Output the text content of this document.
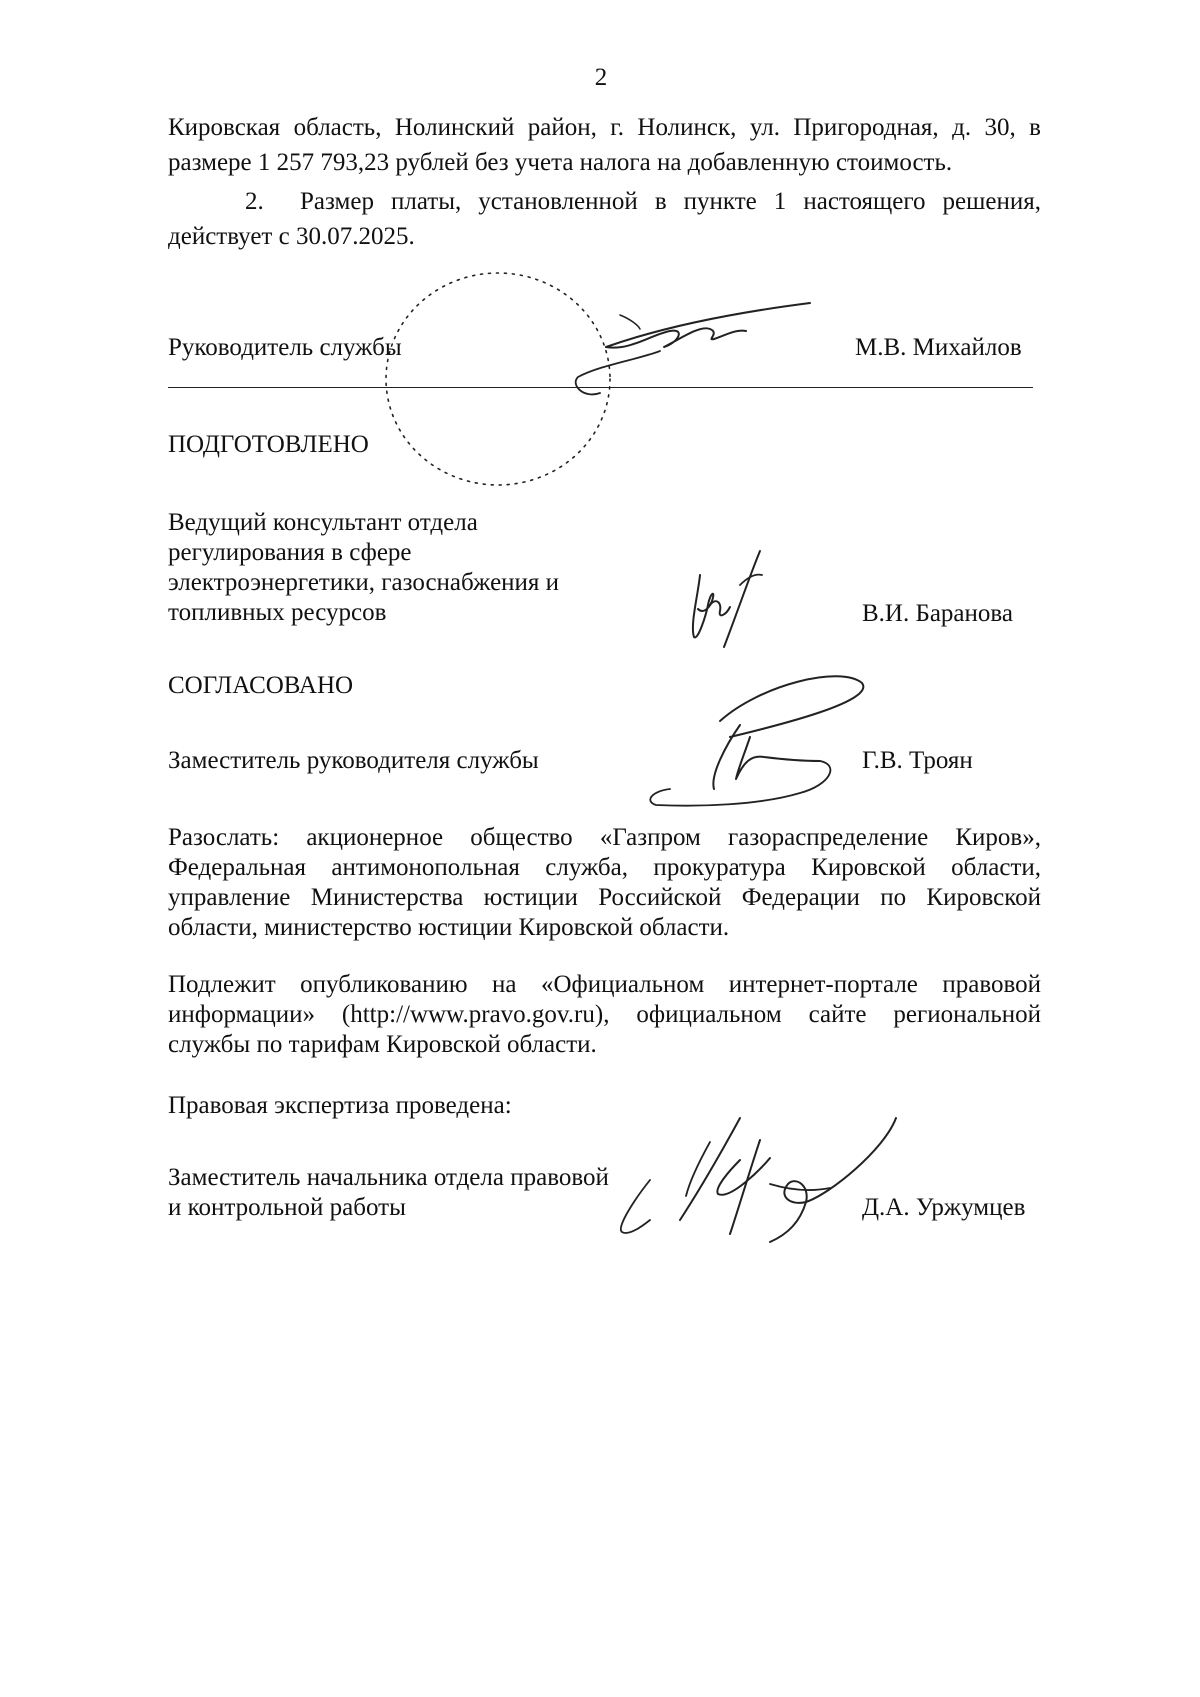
2
Кировская область, Нолинский район, г. Нолинск, ул. Пригородная, д. 30, в
размере 1 257 793,23 рублей без учета налога на добавленную стоимость.
2. Размер платы, установленной в пункте 1 настоящего решения,
действует с 30.07.2025.
Руководитель службы	М.В. Михайлов
ПОДГОТОВЛЕНО
Ведущий консультант отдела
регулирования в сфере
электроэнергетики, газоснабжения и
топливных ресурсов	В.И. Баранова
СОГЛАСОВАНО
Заместитель руководителя службы	Г.В. Троян
Разослать: акционерное общество «Газпром газораспределение Киров»,
Федеральная антимонопольная служба, прокуратура Кировской области,
управление Министерства юстиции Российской Федерации по Кировской
области, министерство юстиции Кировской области.
Подлежит опубликованию на «Официальном интернет-портале правовой
информации» (http://www.pravo.gov.ru), официальном сайте региональной
службы по тарифам Кировской области.
Правовая экспертиза проведена:
Заместитель начальника отдела правовой
и контрольной работы	Д.А. Уржумцев
